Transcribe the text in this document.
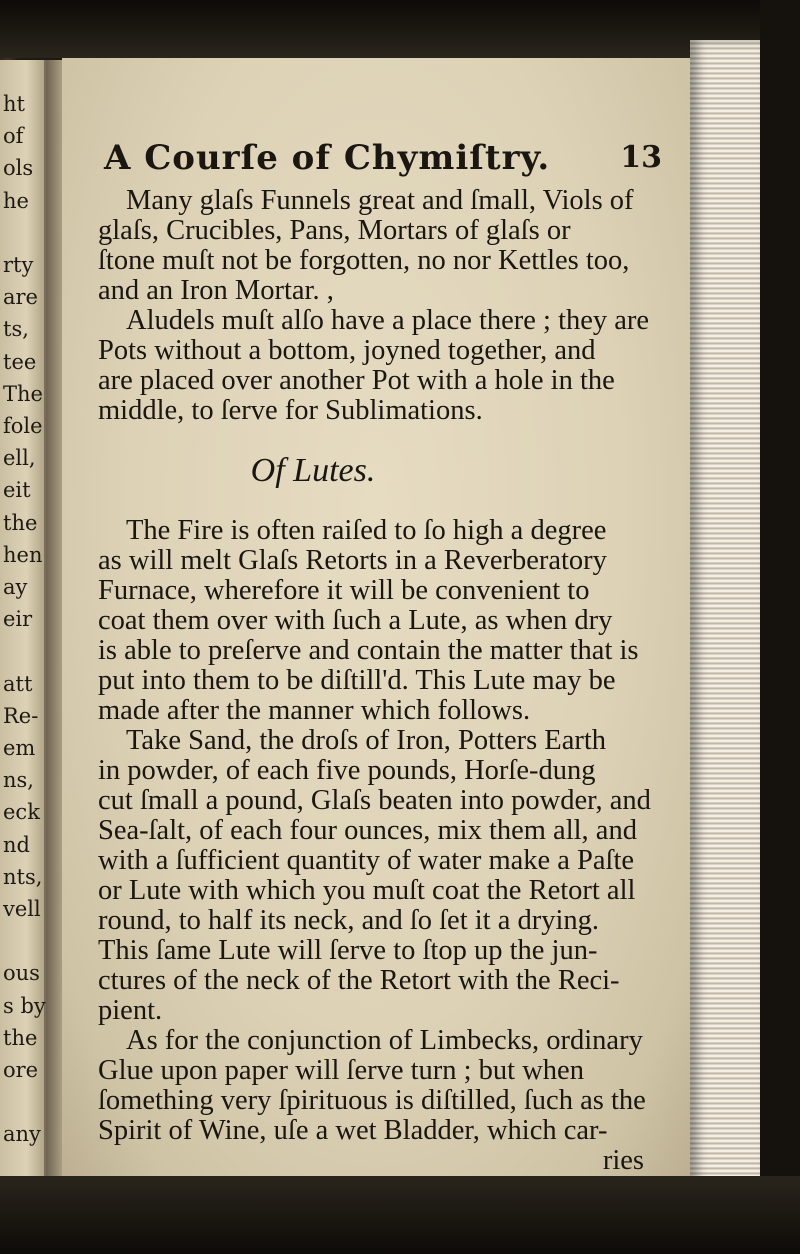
ht
of
ols
he
rty
are
ts,
tee
The
fole
ell,
eit
the
hen
ay
eir
att
Re-
em
ns,
eck
nd
nts,
vell
ous
s by
the
ore
any
A Courſe of Chymiſtry. 13
Many glaſs Funnels great and ſmall, Viols of
glaſs, Crucibles, Pans, Mortars of glaſs or
ſtone muſt not be forgotten, no nor Kettles too,
and an Iron Mortar. ,
Aludels muſt alſo have a place there ; they are
Pots without a bottom, joyned together, and
are placed over another Pot with a hole in the
middle, to ſerve for Sublimations.
Of Lutes.
The Fire is often raiſed to ſo high a degree
as will melt Glaſs Retorts in a Reverberatory
Furnace, wherefore it will be convenient to
coat them over with ſuch a Lute, as when dry
is able to preſerve and contain the matter that is
put into them to be diſtill'd. This Lute may be
made after the manner which follows.
Take Sand, the droſs of Iron, Potters Earth
in powder, of each five pounds, Horſe-dung
cut ſmall a pound, Glaſs beaten into powder, and
Sea-ſalt, of each four ounces, mix them all, and
with a ſufficient quantity of water make a Paſte
or Lute with which you muſt coat the Retort all
round, to half its neck, and ſo ſet it a drying.
This ſame Lute will ſerve to ſtop up the jun-
ctures of the neck of the Retort with the Reci-
pient.
As for the conjunction of Limbecks, ordinary
Glue upon paper will ſerve turn ; but when
ſomething very ſpirituous is diſtilled, ſuch as the
Spirit of Wine, uſe a wet Bladder, which car-
ries
